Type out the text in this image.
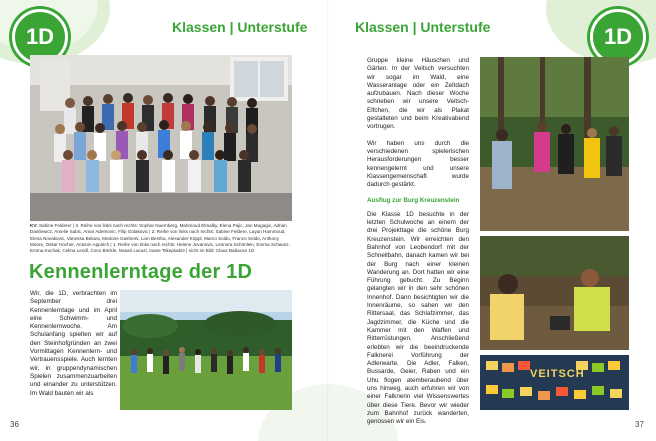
1D	Klassen | Unterstufe
KV: Sabine Felderer | 3. Reihe von links nach rechts: Sophar Nuernberg, Mahmoud Elmalky, Elena Pajic, Jan Mugagic, Adrian Danilewicz, Amelie Sabic, Amar Ademovic, Filip Golakovic | 2. Reihe von links nach rechts: Sabine Feldere, Layan Hammoud, Elena Novakovic, Vanessa Belaza, Medone Gashemi, Lion Bersha, Alexander Köppl, Marco Soldo, Franco Soldo, Anthony Moore, Oskar Hocher, Antonin Appirich | 1. Reihe von links nach rechts: Helene Jovanovic, Leonora Schönlein, Emma Schwarz, Emma Kuchak, Celina Lendl, Coco Böckle, Nasari Lacazi, Ioane Tskepladze | nicht im Bild: Claus Babacan 1D
Kennenlerntage der 1D

Wir, die 1D, verbrachten im September drei Kennenlerntage und im April eine Schwimm- und Kennenlernwoche. Am Schulanfang spielten wir auf den Steinhofgründen an zwei Vormittagen Kennenlern- und Vertrauensspiele. Auch lernten wir, in gruppendynamischen Spielen zusammenzuarbeiten und einander zu unterstützen. Im Wald bauten wir als

36
Klassen | Unterstufe	1D

Gruppe kleine Häuschen und Gärten. In der Veitsch versuchten wir sogar im Wald, eine Wasseranlage oder ein Zeltdach aufzubauen. Nach dieser Woche schrieben wir unsere Veitsch-Elfchen, die wir als Plakat gestalteten und beim Kreativabend vortrugen.

Wir haben uns durch die verschiedenen spielerischen Herausforderungen besser kennengelernt und unsere Klassengemeinschaft wurde dadurch gestärkt.

Ausflug zur Burg Kreuzenstein

Die Klasse 1D besuchte in der letzten Schulwoche an einem der drei Projekttage die schöne Burg Kreuzenstein. Wir erreichten den Bahnhof von Leobendorf mit der Schnellbahn, danach kamen wir bei der Burg nach einer kleinen Wanderung an. Dort hatten wir eine Führung gebucht. Zu Beginn gelangten wir in den sehr schönen Innenhof. Dann besichtigten wir die Innenräume, so sahen wir den Rittersaal, das Schlafzimmer, das Jagdzimmer, die Küche und die Kammer mit den Waffen und Ritterrüstungen. Anschließend erlebten wir die beeindruckende Falknerei Vorführung der Adlerwarte. Die Adler, Falken, Bussarde, Geier, Raben und ein Uhu flogen atemberaubend über uns hinweg, auch erfuhren wir von einer Falknerin viel Wissenswertes über diese Tiere. Bevor wir wieder zum Bahnhof zurück wanderten, genossen wir ein Eis.

VEITSCH
37
